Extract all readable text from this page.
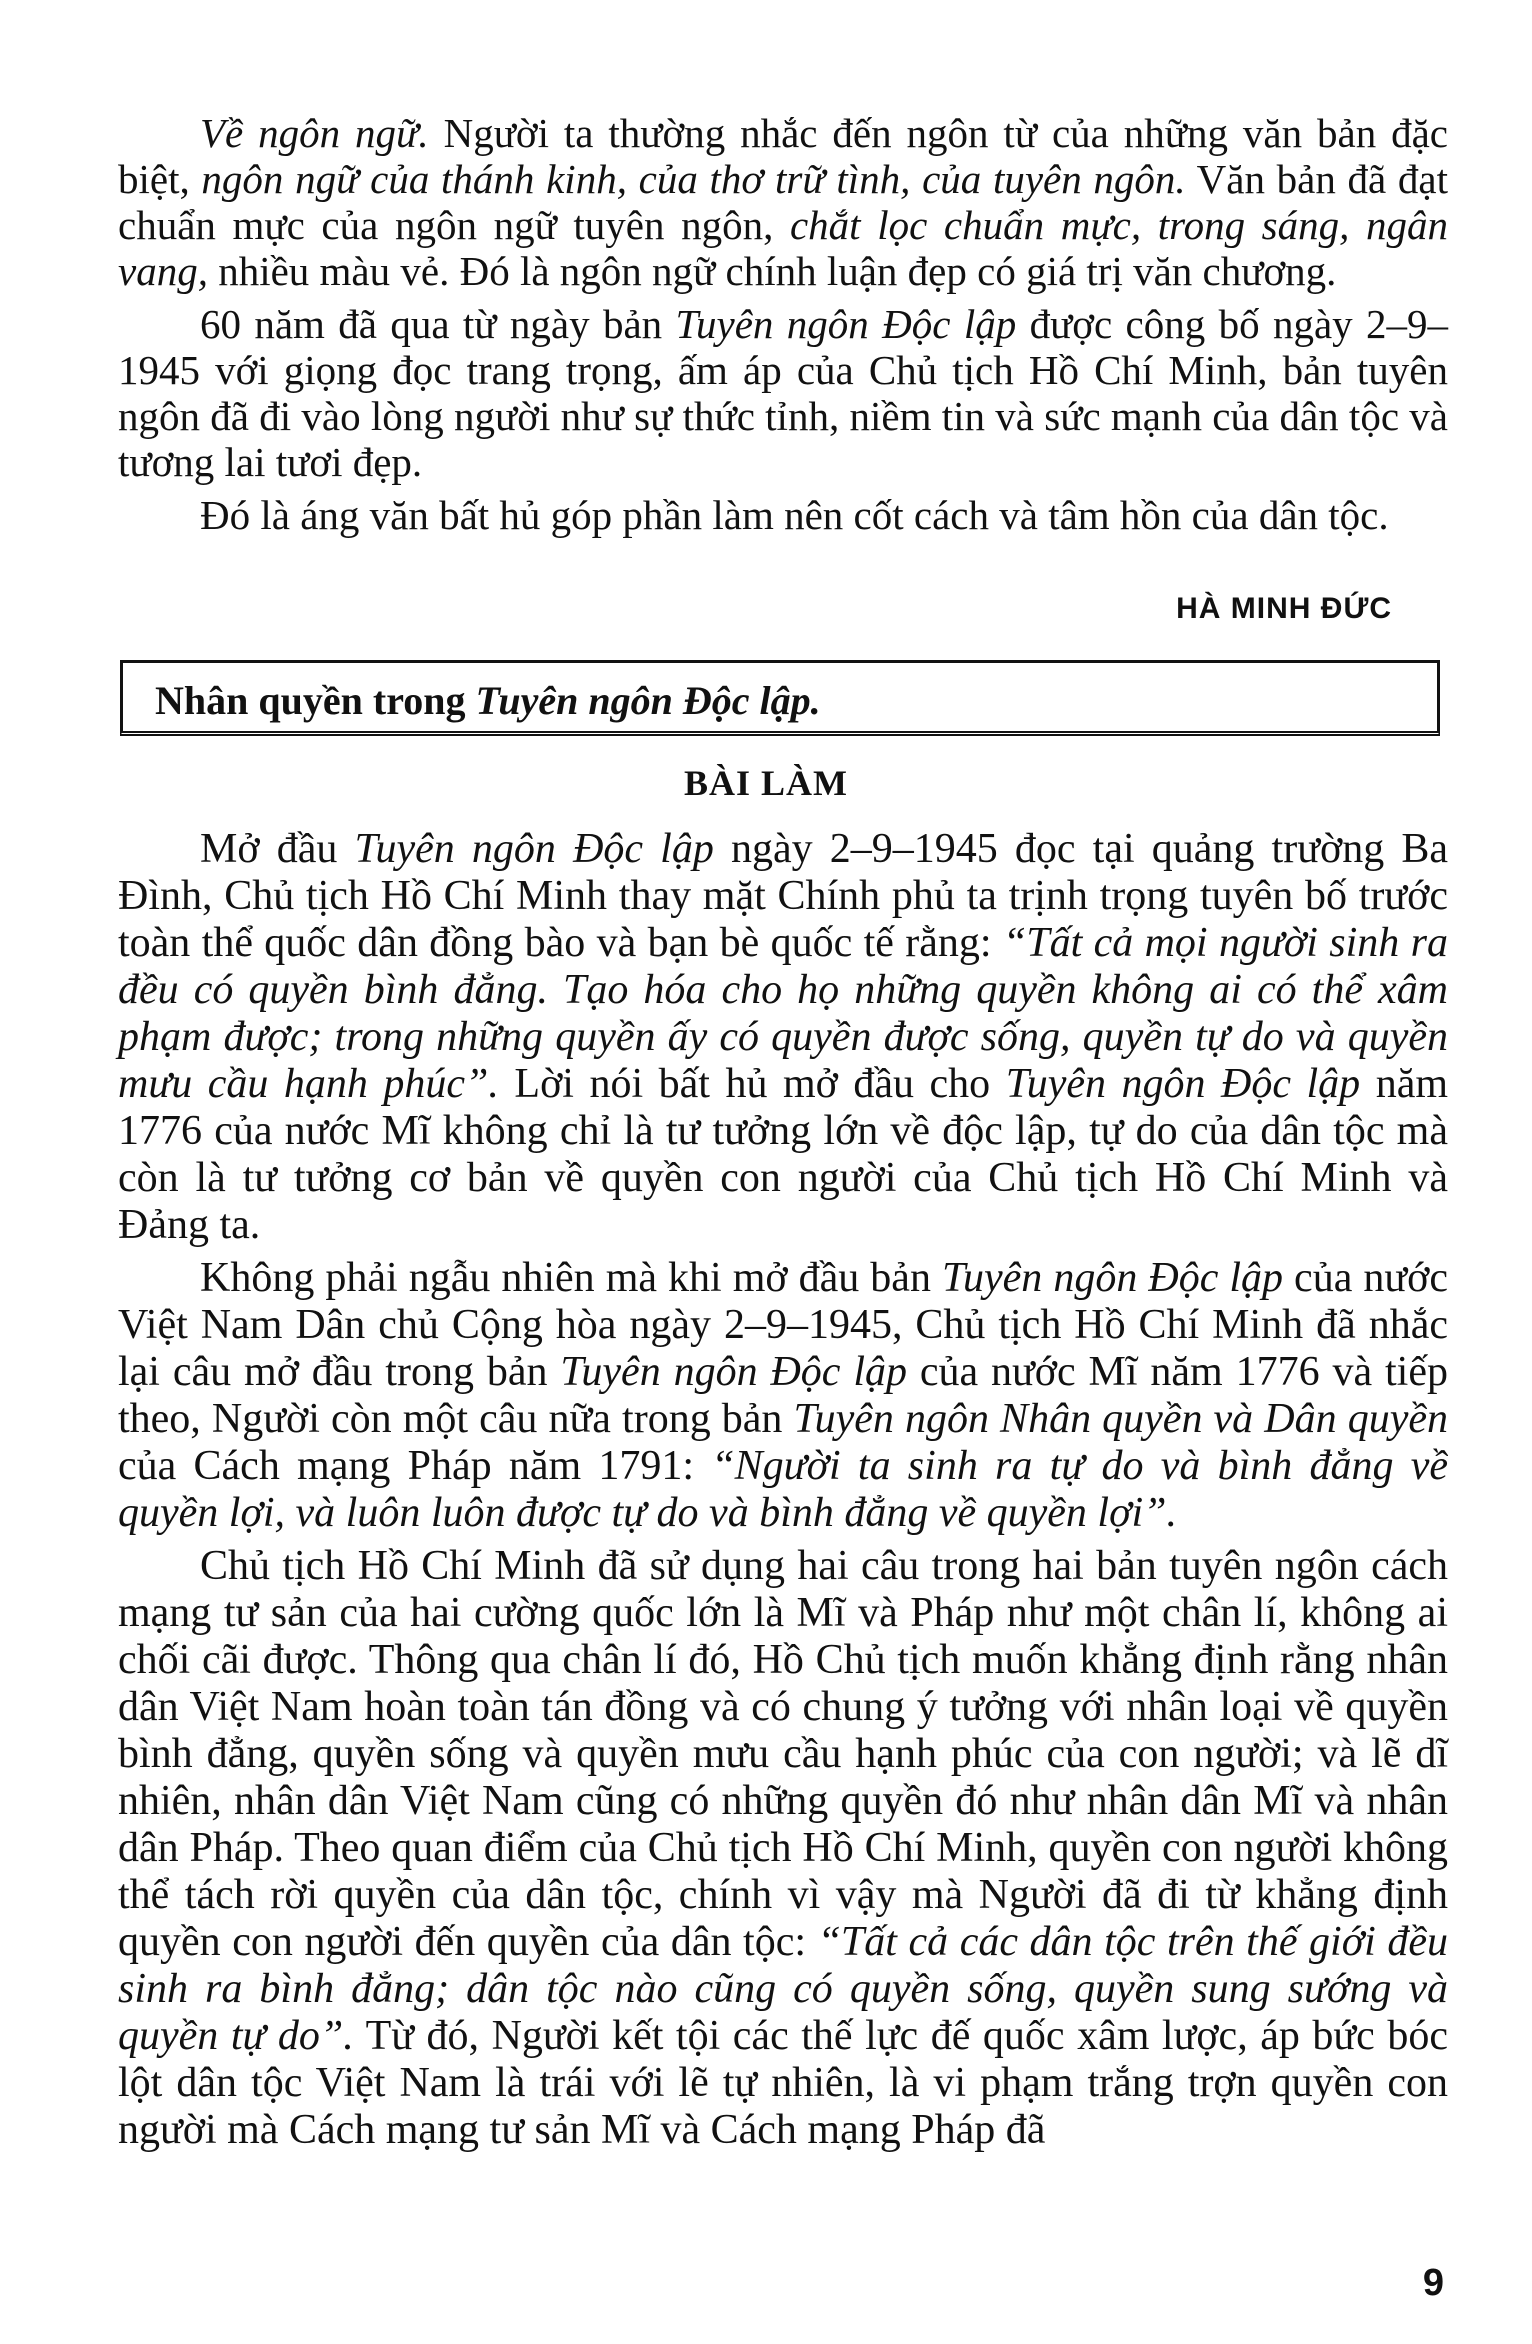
Về ngôn ngữ. Người ta thường nhắc đến ngôn từ của những văn bản đặc biệt, ngôn ngữ của thánh kinh, của thơ trữ tình, của tuyên ngôn. Văn bản đã đạt chuẩn mực của ngôn ngữ tuyên ngôn, chắt lọc chuẩn mực, trong sáng, ngân vang, nhiều màu vẻ. Đó là ngôn ngữ chính luận đẹp có giá trị văn chương.

60 năm đã qua từ ngày bản Tuyên ngôn Độc lập được công bố ngày 2–9–1945 với giọng đọc trang trọng, ấm áp của Chủ tịch Hồ Chí Minh, bản tuyên ngôn đã đi vào lòng người như sự thức tỉnh, niềm tin và sức mạnh của dân tộc và tương lai tươi đẹp.

Đó là áng văn bất hủ góp phần làm nên cốt cách và tâm hồn của dân tộc.

HÀ MINH ĐỨC
Nhân quyền trong Tuyên ngôn Độc lập.
BÀI LÀM

Mở đầu Tuyên ngôn Độc lập ngày 2–9–1945 đọc tại quảng trường Ba Đình, Chủ tịch Hồ Chí Minh thay mặt Chính phủ ta trịnh trọng tuyên bố trước toàn thể quốc dân đồng bào và bạn bè quốc tế rằng: “Tất cả mọi người sinh ra đều có quyền bình đẳng. Tạo hóa cho họ những quyền không ai có thể xâm phạm được; trong những quyền ấy có quyền được sống, quyền tự do và quyền mưu cầu hạnh phúc”. Lời nói bất hủ mở đầu cho Tuyên ngôn Độc lập năm 1776 của nước Mĩ không chỉ là tư tưởng lớn về độc lập, tự do của dân tộc mà còn là tư tưởng cơ bản về quyền con người của Chủ tịch Hồ Chí Minh và Đảng ta.

Không phải ngẫu nhiên mà khi mở đầu bản Tuyên ngôn Độc lập của nước Việt Nam Dân chủ Cộng hòa ngày 2–9–1945, Chủ tịch Hồ Chí Minh đã nhắc lại câu mở đầu trong bản Tuyên ngôn Độc lập của nước Mĩ năm 1776 và tiếp theo, Người còn một câu nữa trong bản Tuyên ngôn Nhân quyền và Dân quyền của Cách mạng Pháp năm 1791: “Người ta sinh ra tự do và bình đẳng về quyền lợi, và luôn luôn được tự do và bình đẳng về quyền lợi”.

Chủ tịch Hồ Chí Minh đã sử dụng hai câu trong hai bản tuyên ngôn cách mạng tư sản của hai cường quốc lớn là Mĩ và Pháp như một chân lí, không ai chối cãi được. Thông qua chân lí đó, Hồ Chủ tịch muốn khẳng định rằng nhân dân Việt Nam hoàn toàn tán đồng và có chung ý tưởng với nhân loại về quyền bình đẳng, quyền sống và quyền mưu cầu hạnh phúc của con người; và lẽ dĩ nhiên, nhân dân Việt Nam cũng có những quyền đó như nhân dân Mĩ và nhân dân Pháp. Theo quan điểm của Chủ tịch Hồ Chí Minh, quyền con người không thể tách rời quyền của dân tộc, chính vì vậy mà Người đã đi từ khẳng định quyền con người đến quyền của dân tộc: “Tất cả các dân tộc trên thế giới đều sinh ra bình đẳng; dân tộc nào cũng có quyền sống, quyền sung sướng và quyền tự do”. Từ đó, Người kết tội các thế lực đế quốc xâm lược, áp bức bóc lột dân tộc Việt Nam là trái với lẽ tự nhiên, là vi phạm trắng trợn quyền con người mà Cách mạng tư sản Mĩ và Cách mạng Pháp đã

9
